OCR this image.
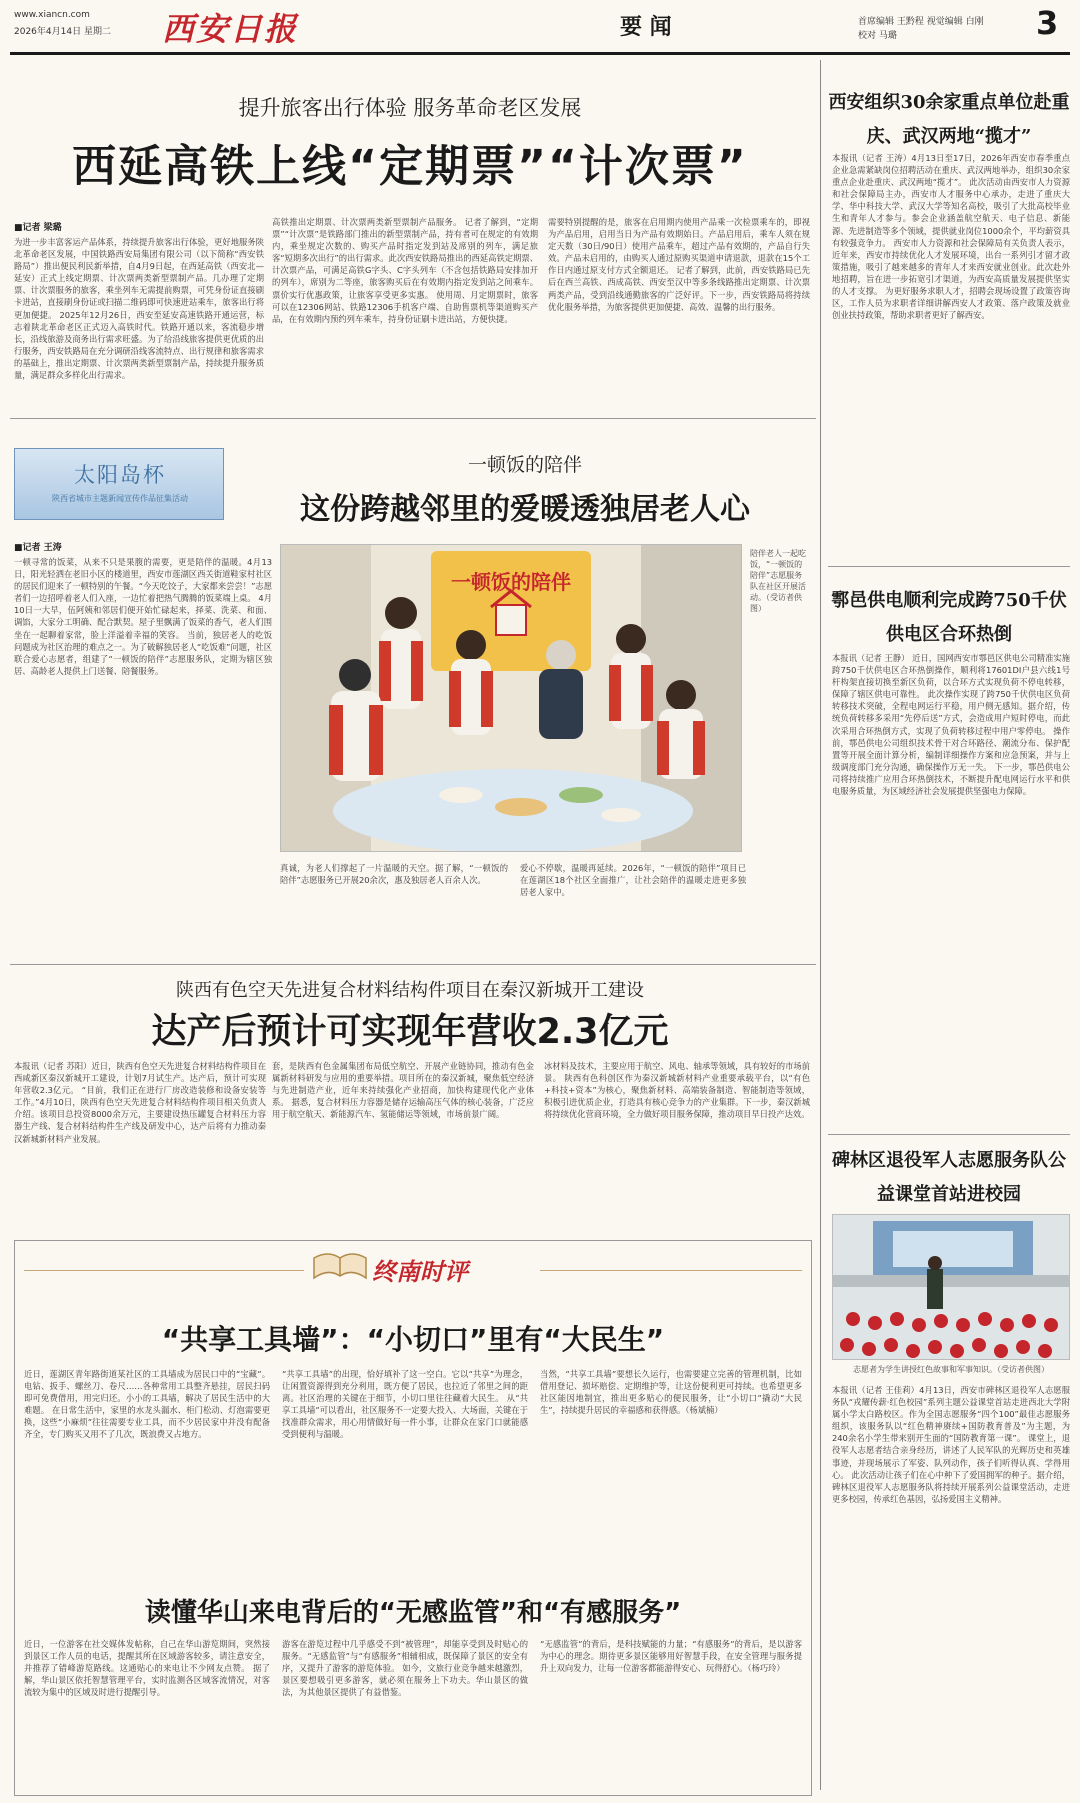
www.xiancn.com
2026年4月14日 星期二 西安日报	要 闻	首席编辑 王黔程 视觉编辑 白刚
校对 马璐	3
提升旅客出行体验 服务革命老区发展
西延高铁上线“定期票”“计次票”
■记者 梁璐
为进一步丰富客运产品体系，持续提升旅客出行体验，更好地服务陕北革命老区发展，中国铁路西安局集团有限公司（以下简称“西安铁路局”）推出便民利民新举措，自4月9日起，在西延高铁（西安北—延安）正式上线定期票、计次票两类新型票制产品。几办理了定期票、计次票服务的旅客，乘坐列车无需提前购票，可凭身份证直接刷卡进站，直接刷身份证或扫描二维码即可快速进站乘车，旅客出行将更加便捷。 2025年12月26日，西安至延安高速铁路开通运营，标志着陕北革命老区正式迈入高铁时代。铁路开通以来，客流稳步增长，沿线旅游及商务出行需求旺盛。为了给沿线旅客提供更优质的出行服务，西安铁路局在充分调研沿线客流特点、出行规律和旅客需求的基础上，推出定期票、计次票两类新型票制产品，持续提升服务质量，满足群众多样化出行需求。
高铁推出定期票、计次票两类新型票制产品服务。 记者了解到，“定期票”“计次票”是铁路部门推出的新型票制产品，持有者可在规定的有效期内，乘坐规定次数的、购买产品时指定发到站及席别的列车，满足旅客“短期多次出行”的出行需求。此次西安铁路局推出的西延高铁定期票、计次票产品，可满足高铁G字头、C字头列车（不含包括铁路局安排加开的列车），席别为二等座，旅客购买后在有效期内指定发到站之间乘车。票价实行优惠政策，让旅客享受更多实惠。 使用周、月定期票时，旅客可以在12306网站、铁路12306手机客户端、自助售票机等渠道购买产品，在有效期内预约列车乘车，持身份证刷卡进出站，方便快捷。
需要特别提醒的是，旅客在启用期内使用产品乘一次检票乘车的，即视为产品启用，启用当日为产品有效期始日。产品启用后，乘车人须在规定天数（30日/90日）使用产品乘车，超过产品有效期的，产品自行失效。产品未启用的，由购买人通过原购买渠道申请退款，退款在15个工作日内通过原支付方式全额退还。 记者了解到，此前，西安铁路局已先后在西兰高铁、西成高铁、西安至汉中等多条线路推出定期票、计次票两类产品，受到沿线通勤旅客的广泛好评。下一步，西安铁路局将持续优化服务举措，为旅客提供更加便捷、高效、温馨的出行服务。
太阳岛杯
陕西省城市主题新闻宣传作品征集活动
一顿饭的陪伴
这份跨越邻里的爱暖透独居老人心
■记者 王涛
一顿寻常的饭菜，从来不只是果腹的需要，更是陪伴的温暖。4月13日，阳光轻洒在老旧小区的楼道里，西安市莲湖区西关街道鞋家村社区的居民们迎来了一顿特别的午餐。“今天吃饺子，大家都来尝尝！”志愿者们一边招呼着老人们入座，一边忙着把热气腾腾的饭菜端上桌。 4月10日一大早，伍阿姨和邻居们便开始忙碌起来，择菜、洗菜、和面、调馅，大家分工明确、配合默契。屋子里飘满了饭菜的香气，老人们围坐在一起聊着家常，脸上洋溢着幸福的笑容。 当前，独居老人的吃饭问题成为社区治理的难点之一。为了破解独居老人“吃饭难”问题，社区联合爱心志愿者，组建了“一顿饭的陪伴”志愿服务队，定期为辖区独居、高龄老人提供上门送餐、陪餐服务。
一顿饭的陪伴
陪伴老人一起吃饭，“一顿饭的陪伴”志愿服务队在社区开展活动。（受访者供图）
真诚，为老人们撑起了一片温暖的天空。据了解，“一顿饭的陪伴”志愿服务已开展20余次，惠及独居老人百余人次。
爱心不停歇，温暖再延续。2026年，“一顿饭的陪伴”项目已在莲湖区18个社区全面推广，让社会陪伴的温暖走进更多独居老人家中。
陕西有色空天先进复合材料结构件项目在秦汉新城开工建设
达产后预计可实现年营收2.3亿元
本报讯（记者 苏阳）近日，陕西有色空天先进复合材料结构件项目在西咸新区秦汉新城开工建设，计划7月试生产。达产后，预计可实现年营收2.3亿元。 “目前，我们正在进行厂房改造装修和设备安装等工作。”4月10日，陕西有色空天先进复合材料结构件项目相关负责人介绍。该项目总投资8000余万元，主要建设热压罐复合材料压力容器生产线、复合材料结构件生产线及研发中心，达产后将有力推动秦汉新城新材料产业发展。
套，是陕西有色金属集团布局低空航空、开展产业链协同，推动有色金属新材料研发与应用的重要举措。项目所在的秦汉新城，聚焦低空经济与先进制造产业，近年来持续强化产业招商，加快构建现代化产业体系。 据悉，复合材料压力容器是储存运输高压气体的核心装备，广泛应用于航空航天、新能源汽车、氢能储运等领域，市场前景广阔。
冰材料及技术，主要应用于航空、风电、轴承等领域，具有较好的市场前景。 陕西有色科创区作为秦汉新城新材料产业重要承载平台，以“有色+科技+资本”为核心，聚焦新材料、高端装备制造、智能制造等领域，积极引进优质企业，打造具有核心竞争力的产业集群。下一步，秦汉新城将持续优化营商环境，全力做好项目服务保障，推动项目早日投产达效。
终南时评
“共享工具墙”：“小切口”里有“大民生”
近日，莲湖区青年路街道某社区的工具墙成为居民口中的“宝藏”。电钻、扳手、螺丝刀、卷尺……各种常用工具整齐悬挂，居民扫码即可免费借用，用完归还。小小的工具墙，解决了居民生活中的大难题。 在日常生活中，家里的水龙头漏水、柜门松动、灯泡需要更换，这些“小麻烦”往往需要专业工具，而不少居民家中并没有配备齐全，专门购买又用不了几次，既浪费又占地方。
“共享工具墙”的出现，恰好填补了这一空白。它以“共享”为理念，让闲置资源得到充分利用，既方便了居民，也拉近了邻里之间的距离。社区治理的关键在于细节，小切口里往往藏着大民生。 从“共享工具墙”可以看出，社区服务不一定要大投入、大场面，关键在于找准群众需求，用心用情做好每一件小事，让群众在家门口就能感受到便利与温暖。
当然，“共享工具墙”要想长久运行，也需要建立完善的管理机制，比如借用登记、损坏赔偿、定期维护等，让这份便利更可持续。也希望更多社区能因地制宜，推出更多贴心的便民服务，让“小切口”撬动“大民生”，持续提升居民的幸福感和获得感。（杨斌楠）
读懂华山来电背后的“无感监管”和“有感服务”
近日，一位游客在社交媒体发帖称，自己在华山游览期间，突然接到景区工作人员的电话，提醒其所在区域游客较多，请注意安全，并推荐了错峰游览路线。这通贴心的来电让不少网友点赞。 据了解，华山景区依托智慧管理平台，实时监测各区域客流情况，对客流较为集中的区域及时进行提醒引导。
游客在游览过程中几乎感受不到“被管理”，却能享受到及时贴心的服务。“无感监管”与“有感服务”相辅相成，既保障了景区的安全有序，又提升了游客的游览体验。 如今，文旅行业竞争越来越激烈，景区要想吸引更多游客，就必须在服务上下功夫。华山景区的做法，为其他景区提供了有益借鉴。
“无感监管”的背后，是科技赋能的力量；“有感服务”的背后，是以游客为中心的理念。期待更多景区能够用好智慧手段，在安全管理与服务提升上双向发力，让每一位游客都能游得安心、玩得舒心。（杨巧玲）
西安组织30余家重点单位赴重庆、武汉两地“揽才”
本报讯（记者 王涛）4月13日至17日，2026年西安市春季重点企业急需紧缺岗位招聘活动在重庆、武汉两地举办，组织30余家重点企业赴重庆、武汉两地“揽才”。 此次活动由西安市人力资源和社会保障局主办，西安市人才服务中心承办，走进了重庆大学、华中科技大学、武汉大学等知名高校，吸引了大批高校毕业生和青年人才参与。参会企业涵盖航空航天、电子信息、新能源、先进制造等多个领域，提供就业岗位1000余个，平均薪资具有较强竞争力。 西安市人力资源和社会保障局有关负责人表示，近年来，西安市持续优化人才发展环境，出台一系列引才留才政策措施，吸引了越来越多的青年人才来西安就业创业。此次赴外地招聘，旨在进一步拓宽引才渠道，为西安高质量发展提供坚实的人才支撑。 为更好服务求职人才，招聘会现场设置了政策咨询区，工作人员为求职者详细讲解西安人才政策、落户政策及就业创业扶持政策，帮助求职者更好了解西安。
鄠邑供电顺利完成跨750千伏供电区合环热倒
本报讯（记者 王静） 近日，国网西安市鄠邑区供电公司精准实施跨750千伏供电区合环热倒操作，顺利将17601DI户县六线1号杆构架直接切换至新区负荷，以合环方式实现负荷不停电转移，保障了辖区供电可靠性。 此次操作实现了跨750千伏供电区负荷转移技术突破，全程电网运行平稳，用户侧无感知。据介绍，传统负荷转移多采用“先停后送”方式，会造成用户短时停电，而此次采用合环热倒方式，实现了负荷转移过程中用户零停电。 操作前，鄠邑供电公司组织技术骨干对合环路径、潮流分布、保护配置等开展全面计算分析，编制详细操作方案和应急预案，并与上级调度部门充分沟通，确保操作万无一失。 下一步，鄠邑供电公司将持续推广应用合环热倒技术，不断提升配电网运行水平和供电服务质量，为区域经济社会发展提供坚强电力保障。
碑林区退役军人志愿服务队公益课堂首站进校园
志愿者为学生讲授红色故事和军事知识。（受访者供图）
本报讯（记者 王佳莉）4月13日，西安市碑林区退役军人志愿服务队“戎耀传薪·红色校园”系列主题公益课堂首站走进西北大学附属小学太白路校区。作为全国志愿服务“四个100”最佳志愿服务组织，该服务队以“红色精神赓续+国防教育普及”为主题，为240余名小学生带来别开生面的“国防教育第一课”。 课堂上，退役军人志愿者结合亲身经历，讲述了人民军队的光辉历史和英雄事迹，并现场展示了军姿、队列动作，孩子们听得认真、学得用心。 此次活动让孩子们在心中种下了爱国拥军的种子。据介绍，碑林区退役军人志愿服务队将持续开展系列公益课堂活动，走进更多校园，传承红色基因，弘扬爱国主义精神。
